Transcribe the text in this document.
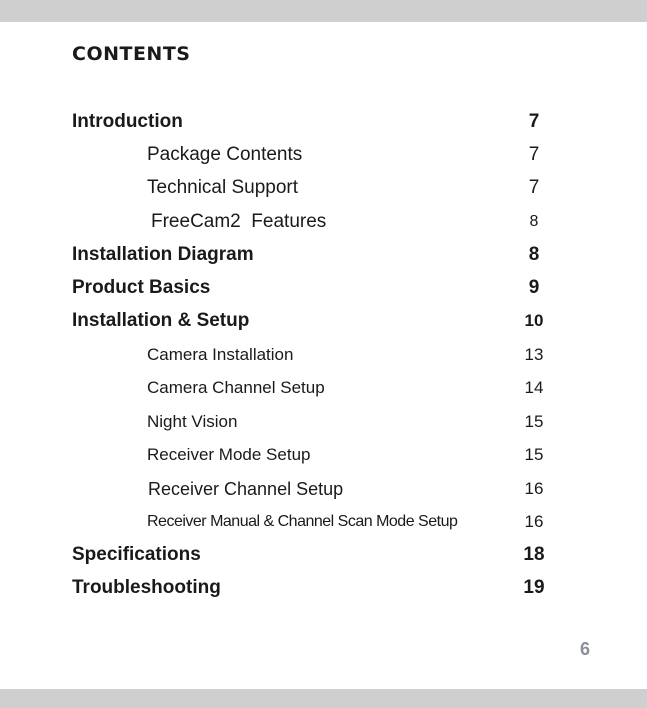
CONTENTS
Introduction	7
Package Contents	7
Technical Support	7
FreeCam2  Features	8
Installation Diagram	8
Product Basics	9
Installation & Setup	10
Camera Installation	13
Camera Channel Setup	14
Night Vision	15
Receiver Mode Setup	15
Receiver Channel Setup	16
Receiver Manual & Channel Scan Mode Setup	16
Specifications	18
Troubleshooting	19
6
